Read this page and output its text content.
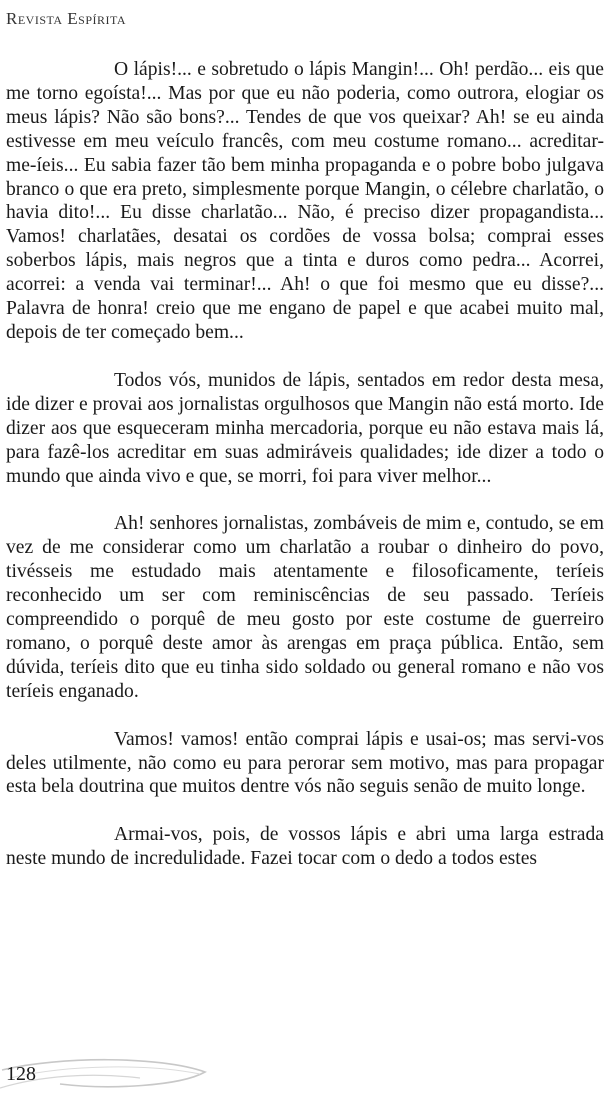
Revista Espírita

O lápis!... e sobretudo o lápis Mangin!... Oh! perdão... eis que me torno egoísta!... Mas por que eu não poderia, como outrora, elogiar os meus lápis? Não são bons?... Tendes de que vos queixar? Ah! se eu ainda estivesse em meu veículo francês, com meu costume romano... acreditar-me-íeis... Eu sabia fazer tão bem minha propaganda e o pobre bobo julgava branco o que era preto, simplesmente porque Mangin, o célebre charlatão, o havia dito!... Eu disse charlatão... Não, é preciso dizer propagandista... Vamos! charlatães, desatai os cordões de vossa bolsa; comprai esses soberbos lápis, mais negros que a tinta e duros como pedra... Acorrei, acorrei: a venda vai terminar!... Ah! o que foi mesmo que eu disse?... Palavra de honra! creio que me engano de papel e que acabei muito mal, depois de ter começado bem...

Todos vós, munidos de lápis, sentados em redor desta mesa, ide dizer e provai aos jornalistas orgulhosos que Mangin não está morto. Ide dizer aos que esqueceram minha mercadoria, porque eu não estava mais lá, para fazê-los acreditar em suas admiráveis qualidades; ide dizer a todo o mundo que ainda vivo e que, se morri, foi para viver melhor...

Ah! senhores jornalistas, zombáveis de mim e, contudo, se em vez de me considerar como um charlatão a roubar o dinheiro do povo, tivésseis me estudado mais atentamente e filosoficamente, teríeis reconhecido um ser com reminiscências de seu passado. Teríeis compreendido o porquê de meu gosto por este costume de guerreiro romano, o porquê deste amor às arengas em praça pública. Então, sem dúvida, teríeis dito que eu tinha sido soldado ou general romano e não vos teríeis enganado.

Vamos! vamos! então comprai lápis e usai-os; mas servi-vos deles utilmente, não como eu para perorar sem motivo, mas para propagar esta bela doutrina que muitos dentre vós não seguis senão de muito longe.

Armai-vos, pois, de vossos lápis e abri uma larga estrada neste mundo de incredulidade. Fazei tocar com o dedo a todos estes

128
